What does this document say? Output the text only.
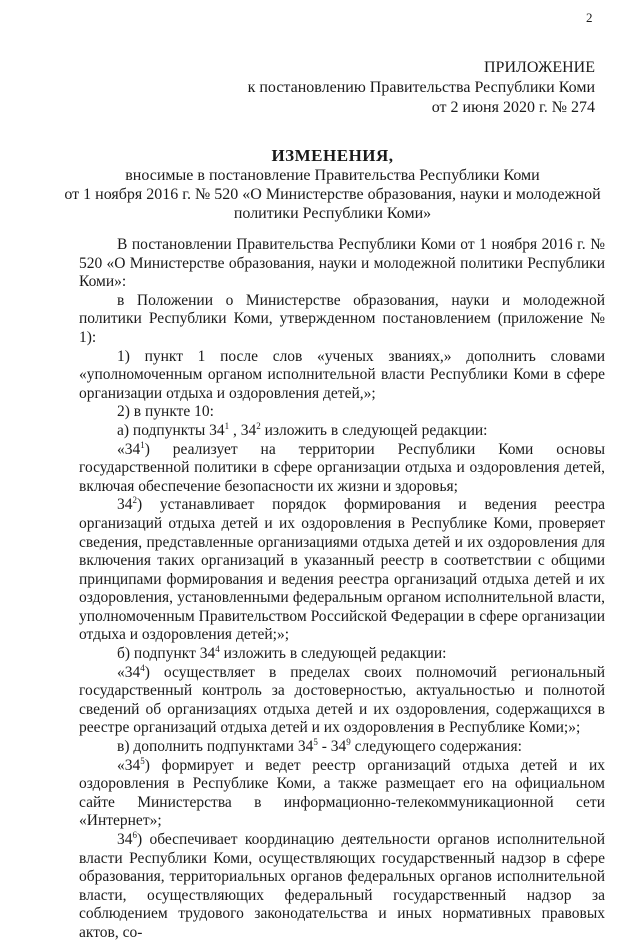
2
ПРИЛОЖЕНИЕ
к постановлению Правительства Республики Коми
от 2 июня 2020 г. № 274
ИЗМЕНЕНИЯ,
вносимые в постановление Правительства Республики Коми
от 1 ноября 2016 г. № 520 «О Министерстве образования, науки и молодежной
политики Республики Коми»

В постановлении Правительства Республики Коми от 1 ноября 2016 г. № 520 «О Министерстве образования, науки и молодежной политики Республики Коми»:

в Положении о Министерстве образования, науки и молодежной политики Республики Коми, утвержденном постановлением (приложение № 1):

1) пункт 1 после слов «ученых званиях,» дополнить словами «уполномоченным органом исполнительной власти Республики Коми в сфере организации отдыха и оздоровления детей,»;

2) в пункте 10:

а) подпункты $34^1$ , $34^2$ изложить в следующей редакции:

«$34^1$) реализует на территории Республики Коми основы государственной политики в сфере организации отдыха и оздоровления детей, включая обеспечение безопасности их жизни и здоровья;

$34^2$) устанавливает порядок формирования и ведения реестра организаций отдыха детей и их оздоровления в Республике Коми, проверяет сведения, представленные организациями отдыха детей и их оздоровления для включения таких организаций в указанный реестр в соответствии с общими принципами формирования и ведения реестра организаций отдыха детей и их оздоровления, установленными федеральным органом исполнительной власти, уполномоченным Правительством Российской Федерации в сфере организации отдыха и оздоровления детей;»;

б) подпункт $34^4$ изложить в следующей редакции:

«$34^4$) осуществляет в пределах своих полномочий региональный государственный контроль за достоверностью, актуальностью и полнотой сведений об организациях отдыха детей и их оздоровления, содержащихся в реестре организаций отдыха детей и их оздоровления в Республике Коми;»;

в) дополнить подпунктами $34^5 - 34^9$ следующего содержания:

«$34^5$) формирует и ведет реестр организаций отдыха детей и их оздоровления в Республике Коми, а также размещает его на официальном сайте Министерства в информационно-телекоммуникационной сети «Интернет»;

$34^6$) обеспечивает координацию деятельности органов исполнительной власти Республики Коми, осуществляющих государственный надзор в сфере образования, территориальных органов федеральных органов исполнительной власти, осуществляющих федеральный государственный надзор за соблюдением трудового законодательства и иных нормативных правовых актов, со-
